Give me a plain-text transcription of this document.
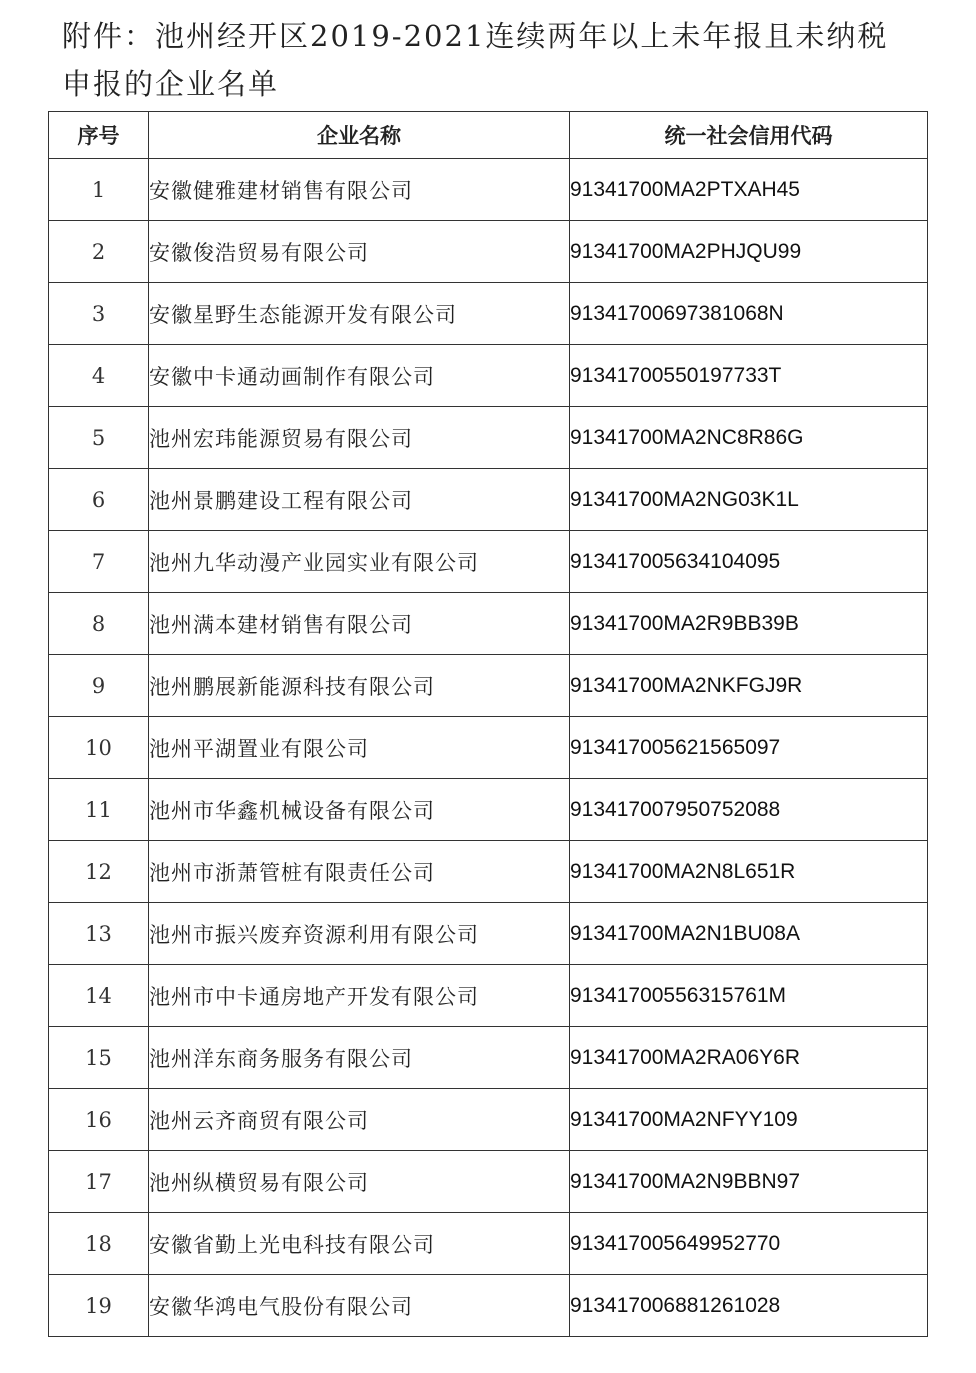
附件：池州经开区2019-2021连续两年以上未年报且未纳税
申报的企业名单
序号	企业名称	统一社会信用代码
1	安徽健雅建材销售有限公司	91341700MA2PTXAH45
2	安徽俊浩贸易有限公司	91341700MA2PHJQU99
3	安徽星野生态能源开发有限公司	91341700697381068N
4	安徽中卡通动画制作有限公司	91341700550197733T
5	池州宏玮能源贸易有限公司	91341700MA2NC8R86G
6	池州景鹏建设工程有限公司	91341700MA2NG03K1L
7	池州九华动漫产业园实业有限公司	913417005634104095
8	池州满本建材销售有限公司	91341700MA2R9BB39B
9	池州鹏展新能源科技有限公司	91341700MA2NKFGJ9R
10	池州平湖置业有限公司	913417005621565097
11	池州市华鑫机械设备有限公司	913417007950752088
12	池州市浙萧管桩有限责任公司	91341700MA2N8L651R
13	池州市振兴废弃资源利用有限公司	91341700MA2N1BU08A
14	池州市中卡通房地产开发有限公司	91341700556315761M
15	池州洋东商务服务有限公司	91341700MA2RA06Y6R
16	池州云齐商贸有限公司	91341700MA2NFYY109
17	池州纵横贸易有限公司	91341700MA2N9BBN97
18	安徽省勤上光电科技有限公司	913417005649952770
19	安徽华鸿电气股份有限公司	913417006881261028
